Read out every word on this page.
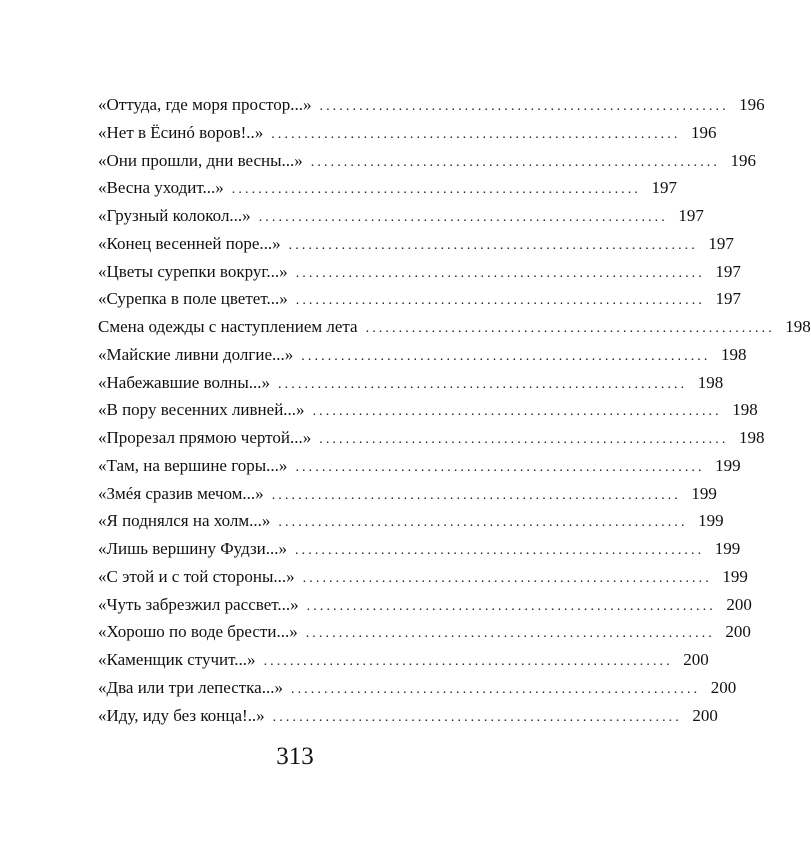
«Оттуда, где моря простор...» .............................................................. 196
«Нет в Ёсинó воров!..» .............................................................. 196
«Они прошли, дни весны...» .............................................................. 196
«Весна уходит...» .............................................................. 197
«Грузный колокол...» .............................................................. 197
«Конец весенней поре...» .............................................................. 197
«Цветы сурепки вокруг...» .............................................................. 197
«Сурепка в поле цветет...» .............................................................. 197
Смена одежды с наступлением лета .............................................................. 198
«Майские ливни долгие...» .............................................................. 198
«Набежавшие волны...» .............................................................. 198
«В пору весенних ливней...» .............................................................. 198
«Прорезал прямою чертой...» .............................................................. 198
«Там, на вершине горы...» .............................................................. 199
«Змéя сразив мечом...» .............................................................. 199
«Я поднялся на холм...» .............................................................. 199
«Лишь вершину Фудзи...» .............................................................. 199
«С этой и с той стороны...» .............................................................. 199
«Чуть забрезжил рассвет...» .............................................................. 200
«Хорошо по воде брести...» .............................................................. 200
«Каменщик стучит...» .............................................................. 200
«Два или три лепестка...» .............................................................. 200
«Иду, иду без конца!..» .............................................................. 200
313
